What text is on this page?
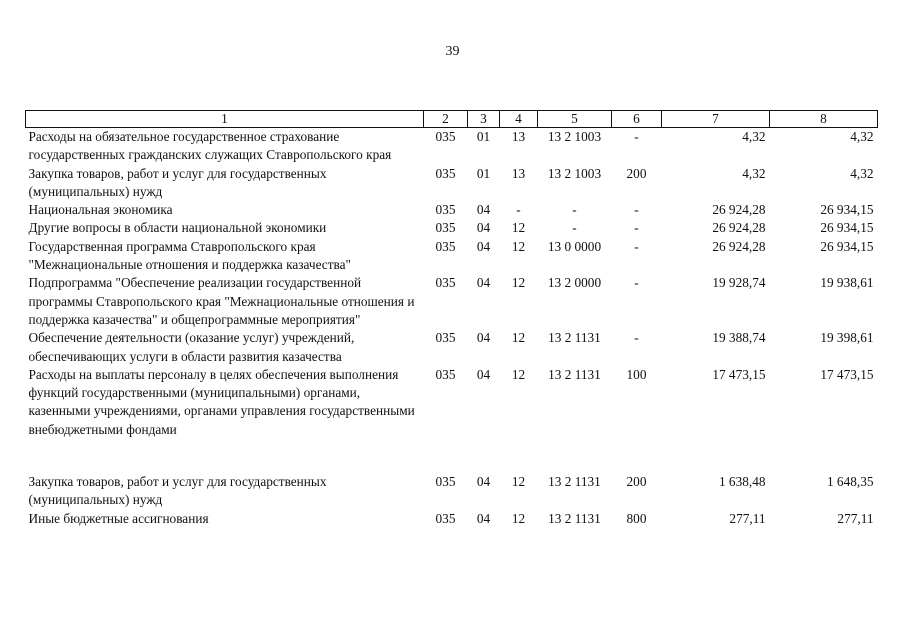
39
1	2	3	4	5	6	7	8
Расходы на обязательное государственное страхование государственных гражданских служащих Ставропольского края	035	01	13	13 2 1003	-	4,32	4,32
Закупка товаров, работ и услуг для государственных (муниципальных) нужд	035	01	13	13 2 1003	200	4,32	4,32
Национальная экономика	035	04	-	-	-	26 924,28	26 934,15
Другие вопросы в области национальной экономики	035	04	12	-	-	26 924,28	26 934,15
Государственная программа Ставропольского края "Межнациональные отношения и поддержка казачества"	035	04	12	13 0 0000	-	26 924,28	26 934,15
Подпрограмма "Обеспечение реализации государственной программы Ставропольского края "Межнациональные отношения и поддержка казачества" и общепрограммные мероприятия"	035	04	12	13 2 0000	-	19 928,74	19 938,61
Обеспечение деятельности (оказание услуг) учреждений, обеспечивающих услуги в области развития казачества	035	04	12	13 2 1131	-	19 388,74	19 398,61
Расходы на выплаты персоналу в целях обеспечения выполнения функций государственными (муниципальными) органами, казенными учреждениями, органами управления государственными внебюджетными фондами	035	04	12	13 2 1131	100	17 473,15	17 473,15
Закупка товаров, работ и услуг для государственных (муниципальных) нужд	035	04	12	13 2 1131	200	1 638,48	1 648,35
Иные бюджетные ассигнования	035	04	12	13 2 1131	800	277,11	277,11
